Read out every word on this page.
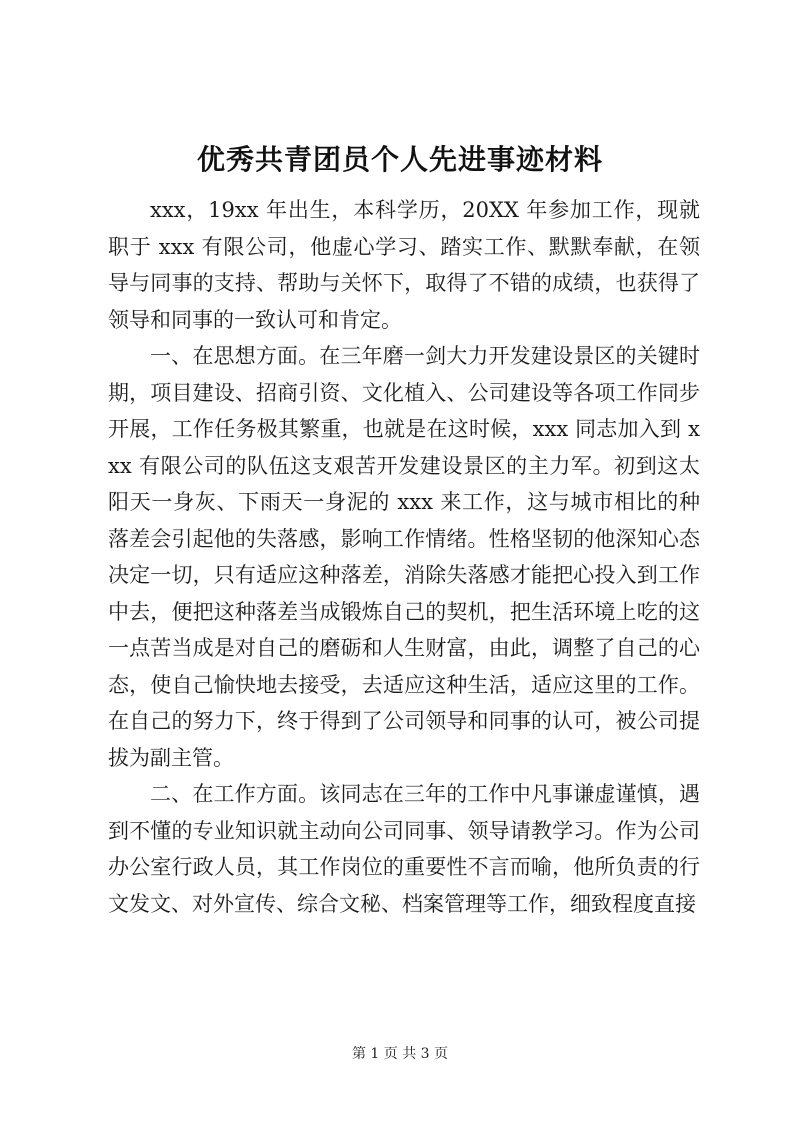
优秀共青团员个人先进事迹材料

xxx，19xx 年出生，本科学历，20XX 年参加工作，现就职于 xxx 有限公司，他虚心学习、踏实工作、默默奉献，在领导与同事的支持、帮助与关怀下，取得了不错的成绩，也获得了领导和同事的一致认可和肯定。

一、在思想方面。在三年磨一剑大力开发建设景区的关键时期，项目建设、招商引资、文化植入、公司建设等各项工作同步开展，工作任务极其繁重，也就是在这时候，xxx 同志加入到 xxx 有限公司的队伍这支艰苦开发建设景区的主力军。初到这太阳天一身灰、下雨天一身泥的 xxx 来工作，这与城市相比的种落差会引起他的失落感，影响工作情绪。性格坚韧的他深知心态决定一切，只有适应这种落差，消除失落感才能把心投入到工作中去，便把这种落差当成锻炼自己的契机，把生活环境上吃的这一点苦当成是对自己的磨砺和人生财富，由此，调整了自己的心态，使自己愉快地去接受，去适应这种生活，适应这里的工作。在自己的努力下，终于得到了公司领导和同事的认可，被公司提拔为副主管。

二、在工作方面。该同志在三年的工作中凡事谦虚谨慎，遇到不懂的专业知识就主动向公司同事、领导请教学习。作为公司办公室行政人员，其工作岗位的重要性不言而喻，他所负责的行文发文、对外宣传、综合文秘、档案管理等工作，细致程度直接

第 1 页 共 3 页
